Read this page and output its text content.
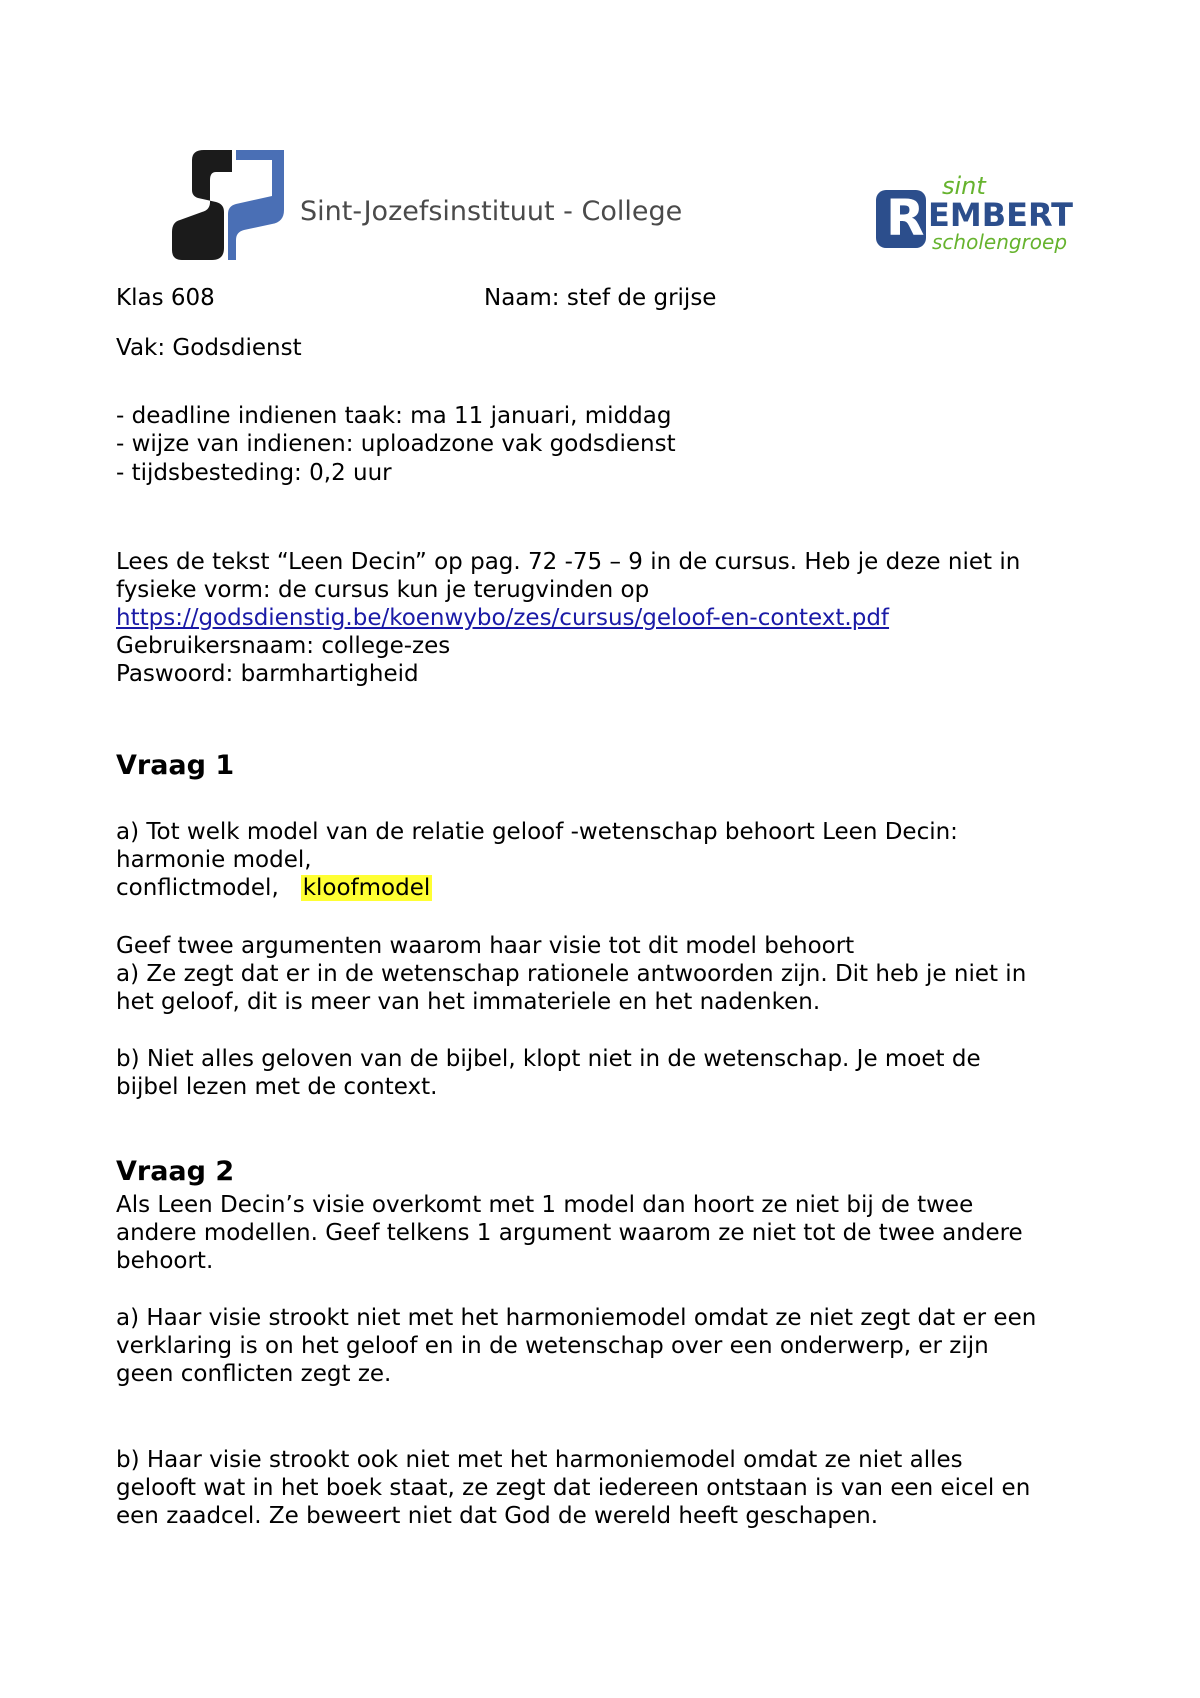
Sint-Jozefsinstituut - College
sint
R EMBERT
scholengroep
Klas 608	Naam: stef de grijse
Vak: Godsdienst
- deadline indienen taak: ma 11 januari, middag
- wijze van indienen: uploadzone vak godsdienst
- tijdsbesteding: 0,2 uur
Lees de tekst “Leen Decin” op pag. 72 -75 – 9 in de cursus. Heb je deze niet in
fysieke vorm: de cursus kun je terugvinden op
https://godsdienstig.be/koenwybo/zes/cursus/geloof-en-context.pdf
Gebruikersnaam: college-zes
Paswoord: barmhartigheid
Vraag 1
a) Tot welk model van de relatie geloof -wetenschap behoort Leen Decin:
harmonie model,
conflictmodel, kloofmodel
Geef twee argumenten waarom haar visie tot dit model behoort
a) Ze zegt dat er in de wetenschap rationele antwoorden zijn. Dit heb je niet in
het geloof, dit is meer van het immateriele en het nadenken.
b) Niet alles geloven van de bijbel, klopt niet in de wetenschap. Je moet de
bijbel lezen met de context.
Vraag 2
Als Leen Decin’s visie overkomt met 1 model dan hoort ze niet bij de twee
andere modellen. Geef telkens 1 argument waarom ze niet tot de twee andere
behoort.
a) Haar visie strookt niet met het harmoniemodel omdat ze niet zegt dat er een
verklaring is on het geloof en in de wetenschap over een onderwerp, er zijn
geen conflicten zegt ze.
b) Haar visie strookt ook niet met het harmoniemodel omdat ze niet alles
gelooft wat in het boek staat, ze zegt dat iedereen ontstaan is van een eicel en
een zaadcel. Ze beweert niet dat God de wereld heeft geschapen.
